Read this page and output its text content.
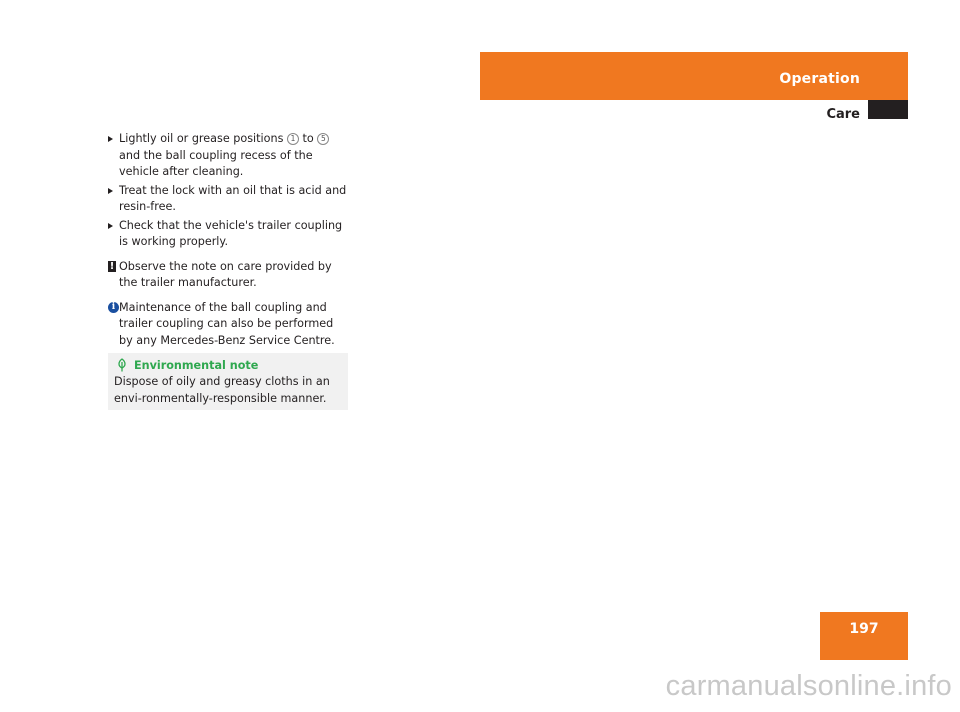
Operation
Care

Lightly oil or grease positions 1 to 5 and the ball coupling recess of the vehicle after cleaning.

Treat the lock with an oil that is acid and resin-free.

Check that the vehicle's trailer coupling is working properly.

! Observe the note on care provided by the trailer manufacturer.

i Maintenance of the ball coupling and trailer coupling can also be performed by any Mercedes-Benz Service Centre.

Environmental note

Dispose of oily and greasy cloths in an envi-ronmentally-responsible manner.

197
carmanualsonline.info
